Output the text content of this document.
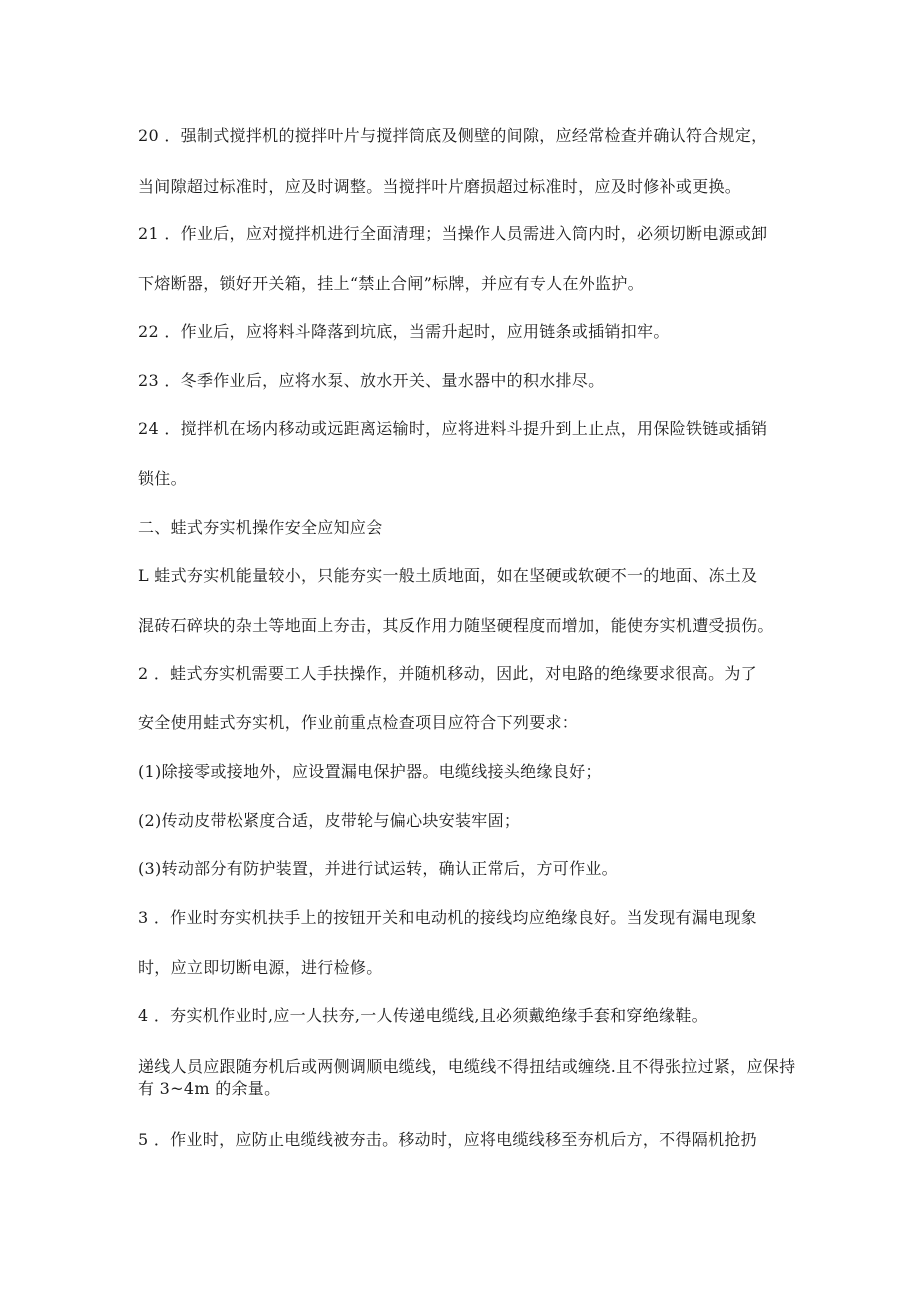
20 ．强制式搅拌机的搅拌叶片与搅拌筒底及侧壁的间隙，应经常检查并确认符合规定，
当间隙超过标准时，应及时调整。当搅拌叶片磨损超过标准时，应及时修补或更换。
21 ．作业后，应对搅拌机进行全面清理；当操作人员需进入筒内时，必须切断电源或卸
下熔断器，锁好开关箱，挂上“禁止合闸”标牌，并应有专人在外监护。
22 ．作业后，应将料斗降落到坑底，当需升起时，应用链条或插销扣牢。
23 ．冬季作业后，应将水泵、放水开关、量水器中的积水排尽。
24 ．搅拌机在场内移动或远距离运输时，应将进料斗提升到上止点，用保险铁链或插销
锁住。
二、蛙式夯实机操作安全应知应会
L 蛙式夯实机能量较小，只能夯实一般土质地面，如在坚硬或软硬不一的地面、冻土及
混砖石碎块的杂土等地面上夯击，其反作用力随坚硬程度而增加，能使夯实机遭受损伤。
2 ．蛙式夯实机需要工人手扶操作，并随机移动，因此，对电路的绝缘要求很高。为了
安全使用蛙式夯实机，作业前重点检查项目应符合下列要求：
(1)除接零或接地外，应设置漏电保护器。电缆线接头绝缘良好；
(2)传动皮带松紧度合适，皮带轮与偏心块安装牢固；
(3)转动部分有防护装置，并进行试运转，确认正常后，方可作业。
3 ．作业时夯实机扶手上的按钮开关和电动机的接线均应绝缘良好。当发现有漏电现象
时，应立即切断电源，进行检修。
4 ．夯实机作业时,应一人扶夯,一人传递电缆线,且必须戴绝缘手套和穿绝缘鞋。
递线人员应跟随夯机后或两侧调顺电缆线，电缆线不得扭结或缠绕.且不得张拉过紧，应保持有 3~4m 的余量。
5 ．作业时，应防止电缆线被夯击。移动时，应将电缆线移至夯机后方，不得隔机抢扔
